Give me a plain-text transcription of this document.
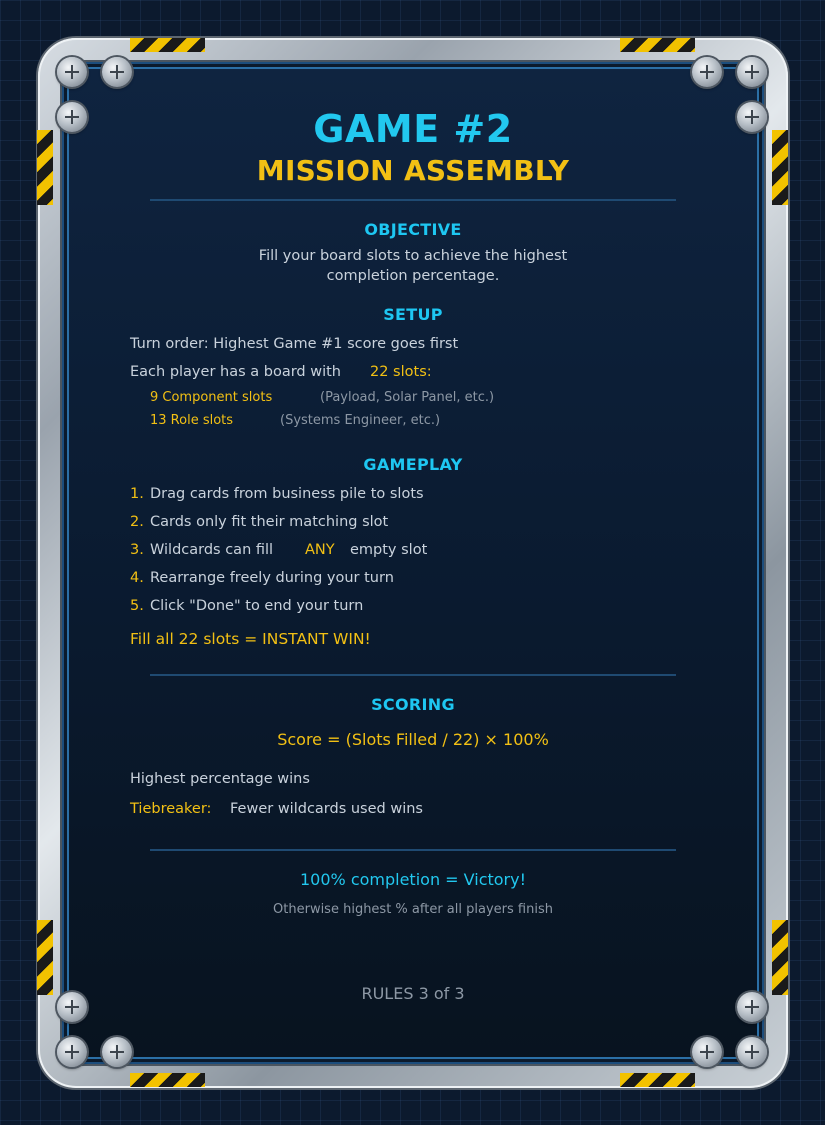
GAME #2
MISSION ASSEMBLY
OBJECTIVE
Fill your board slots to achieve the highest
completion percentage.
SETUP
Turn order: Highest Game #1 score goes first
Each player has a board with 22 slots:
9 Component slots	(Payload, Solar Panel, etc.)
13 Role slots	(Systems Engineer, etc.)
GAMEPLAY
1. Drag cards from business pile to slots
2. Cards only fit their matching slot
3. Wildcards can fill ANY empty slot
4. Rearrange freely during your turn
5. Click "Done" to end your turn
Fill all 22 slots = INSTANT WIN!
SCORING
Score = (Slots Filled / 22) × 100%
Highest percentage wins
Tiebreaker: Fewer wildcards used wins
100% completion = Victory!
Otherwise highest % after all players finish
RULES 3 of 3
